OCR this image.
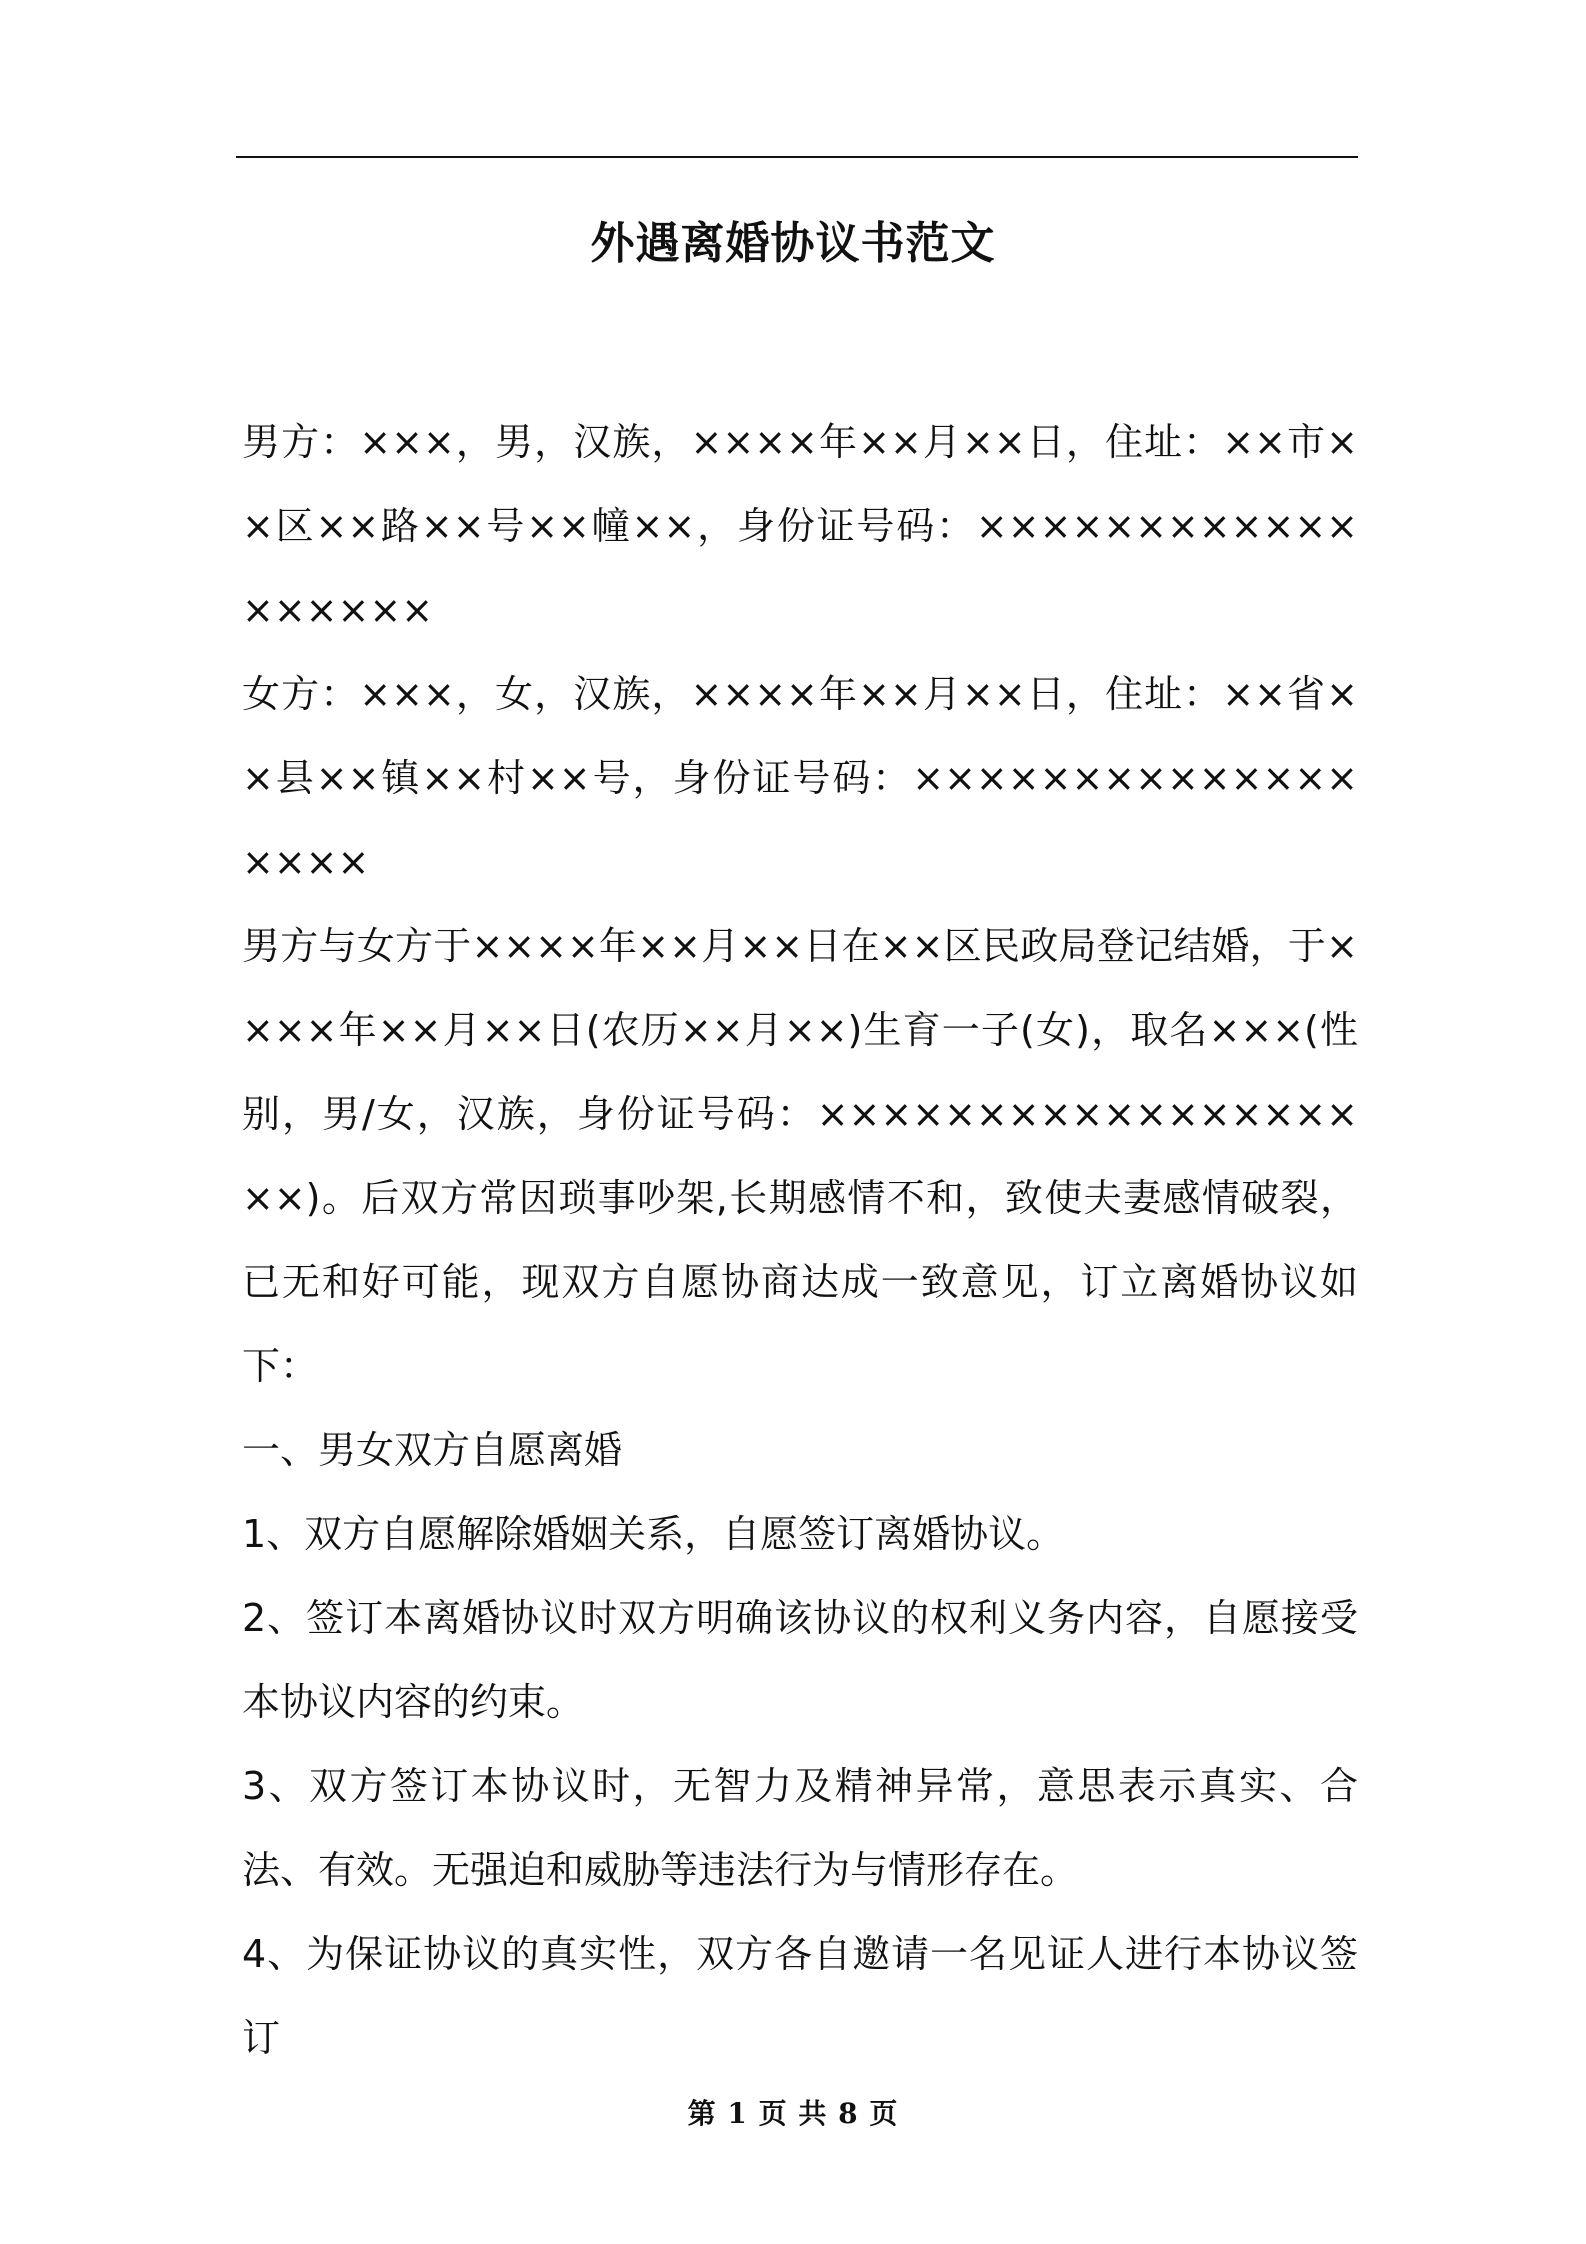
外遇离婚协议书范文

男方：×××，男，汉族，××××年××月××日，住址：××市××区××路××号××幢××，身份证号码：××××××××××××××××××

女方：×××，女，汉族，××××年××月××日，住址：××省××县××镇××村××号，身份证号码：××××××××××××××××××

男方与女方于××××年××月××日在××区民政局登记结婚，于××××年××月××日(农历××月××)生育一子(女)，取名×××(性别，男/女，汉族，身份证号码：×××××××××××××××××××)。后双方常因琐事吵架,长期感情不和，致使夫妻感情破裂，已无和好可能，现双方自愿协商达成一致意见，订立离婚协议如下：

一、男女双方自愿离婚

1、双方自愿解除婚姻关系，自愿签订离婚协议。

2、签订本离婚协议时双方明确该协议的权利义务内容，自愿接受本协议内容的约束。

3、双方签订本协议时，无智力及精神异常，意思表示真实、合法、有效。无强迫和威胁等违法行为与情形存在。

4、为保证协议的真实性，双方各自邀请一名见证人进行本协议签订

第 1 页 共 8 页
